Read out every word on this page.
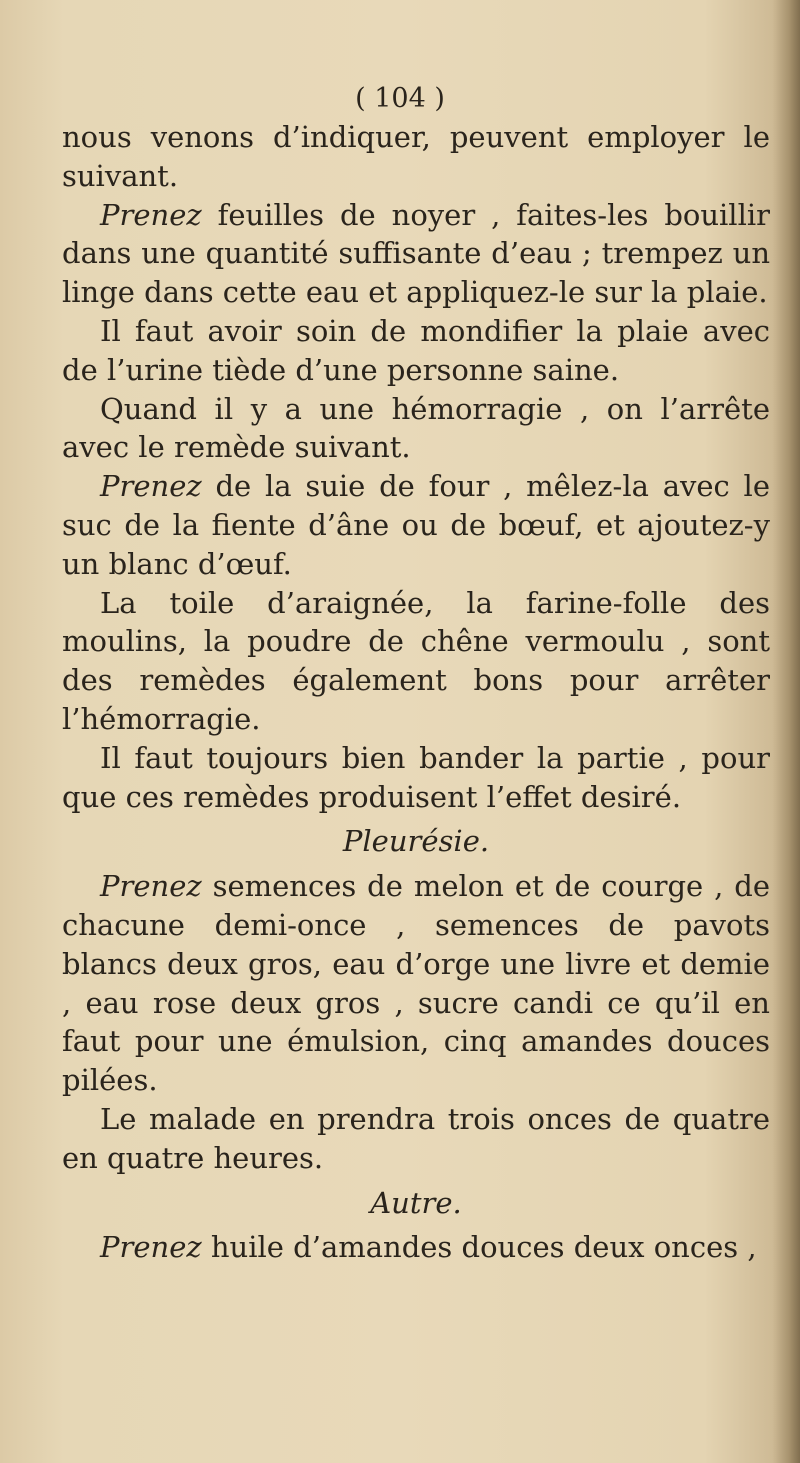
( 104 )

nous venons d’indiquer, peuvent employer le suivant.

Prenez feuilles de noyer , faites-les bouillir dans une quantité suffisante d’eau ; trempez un linge dans cette eau et appliquez-le sur la plaie.

Il faut avoir soin de mondifier la plaie avec de l’urine tiède d’une personne saine.

Quand il y a une hémorragie , on l’arrête avec le remède suivant.

Prenez de la suie de four , mêlez-la avec le suc de la fiente d’âne ou de bœuf, et ajoutez-y un blanc d’œuf.

La toile d’araignée, la farine-folle des moulins, la poudre de chêne vermoulu , sont des remèdes également bons pour arrêter l’hémorragie.

Il faut toujours bien bander la partie , pour que ces remèdes produisent l’effet desiré.

Pleurésie.

Prenez semences de melon et de courge , de chacune demi-once , semences de pavots blancs deux gros, eau d’orge une livre et demie , eau rose deux gros , sucre candi ce qu’il en faut pour une émulsion, cinq amandes douces pilées.

Le malade en prendra trois onces de quatre en quatre heures.

Autre.

Prenez huile d’amandes douces deux onces ,
